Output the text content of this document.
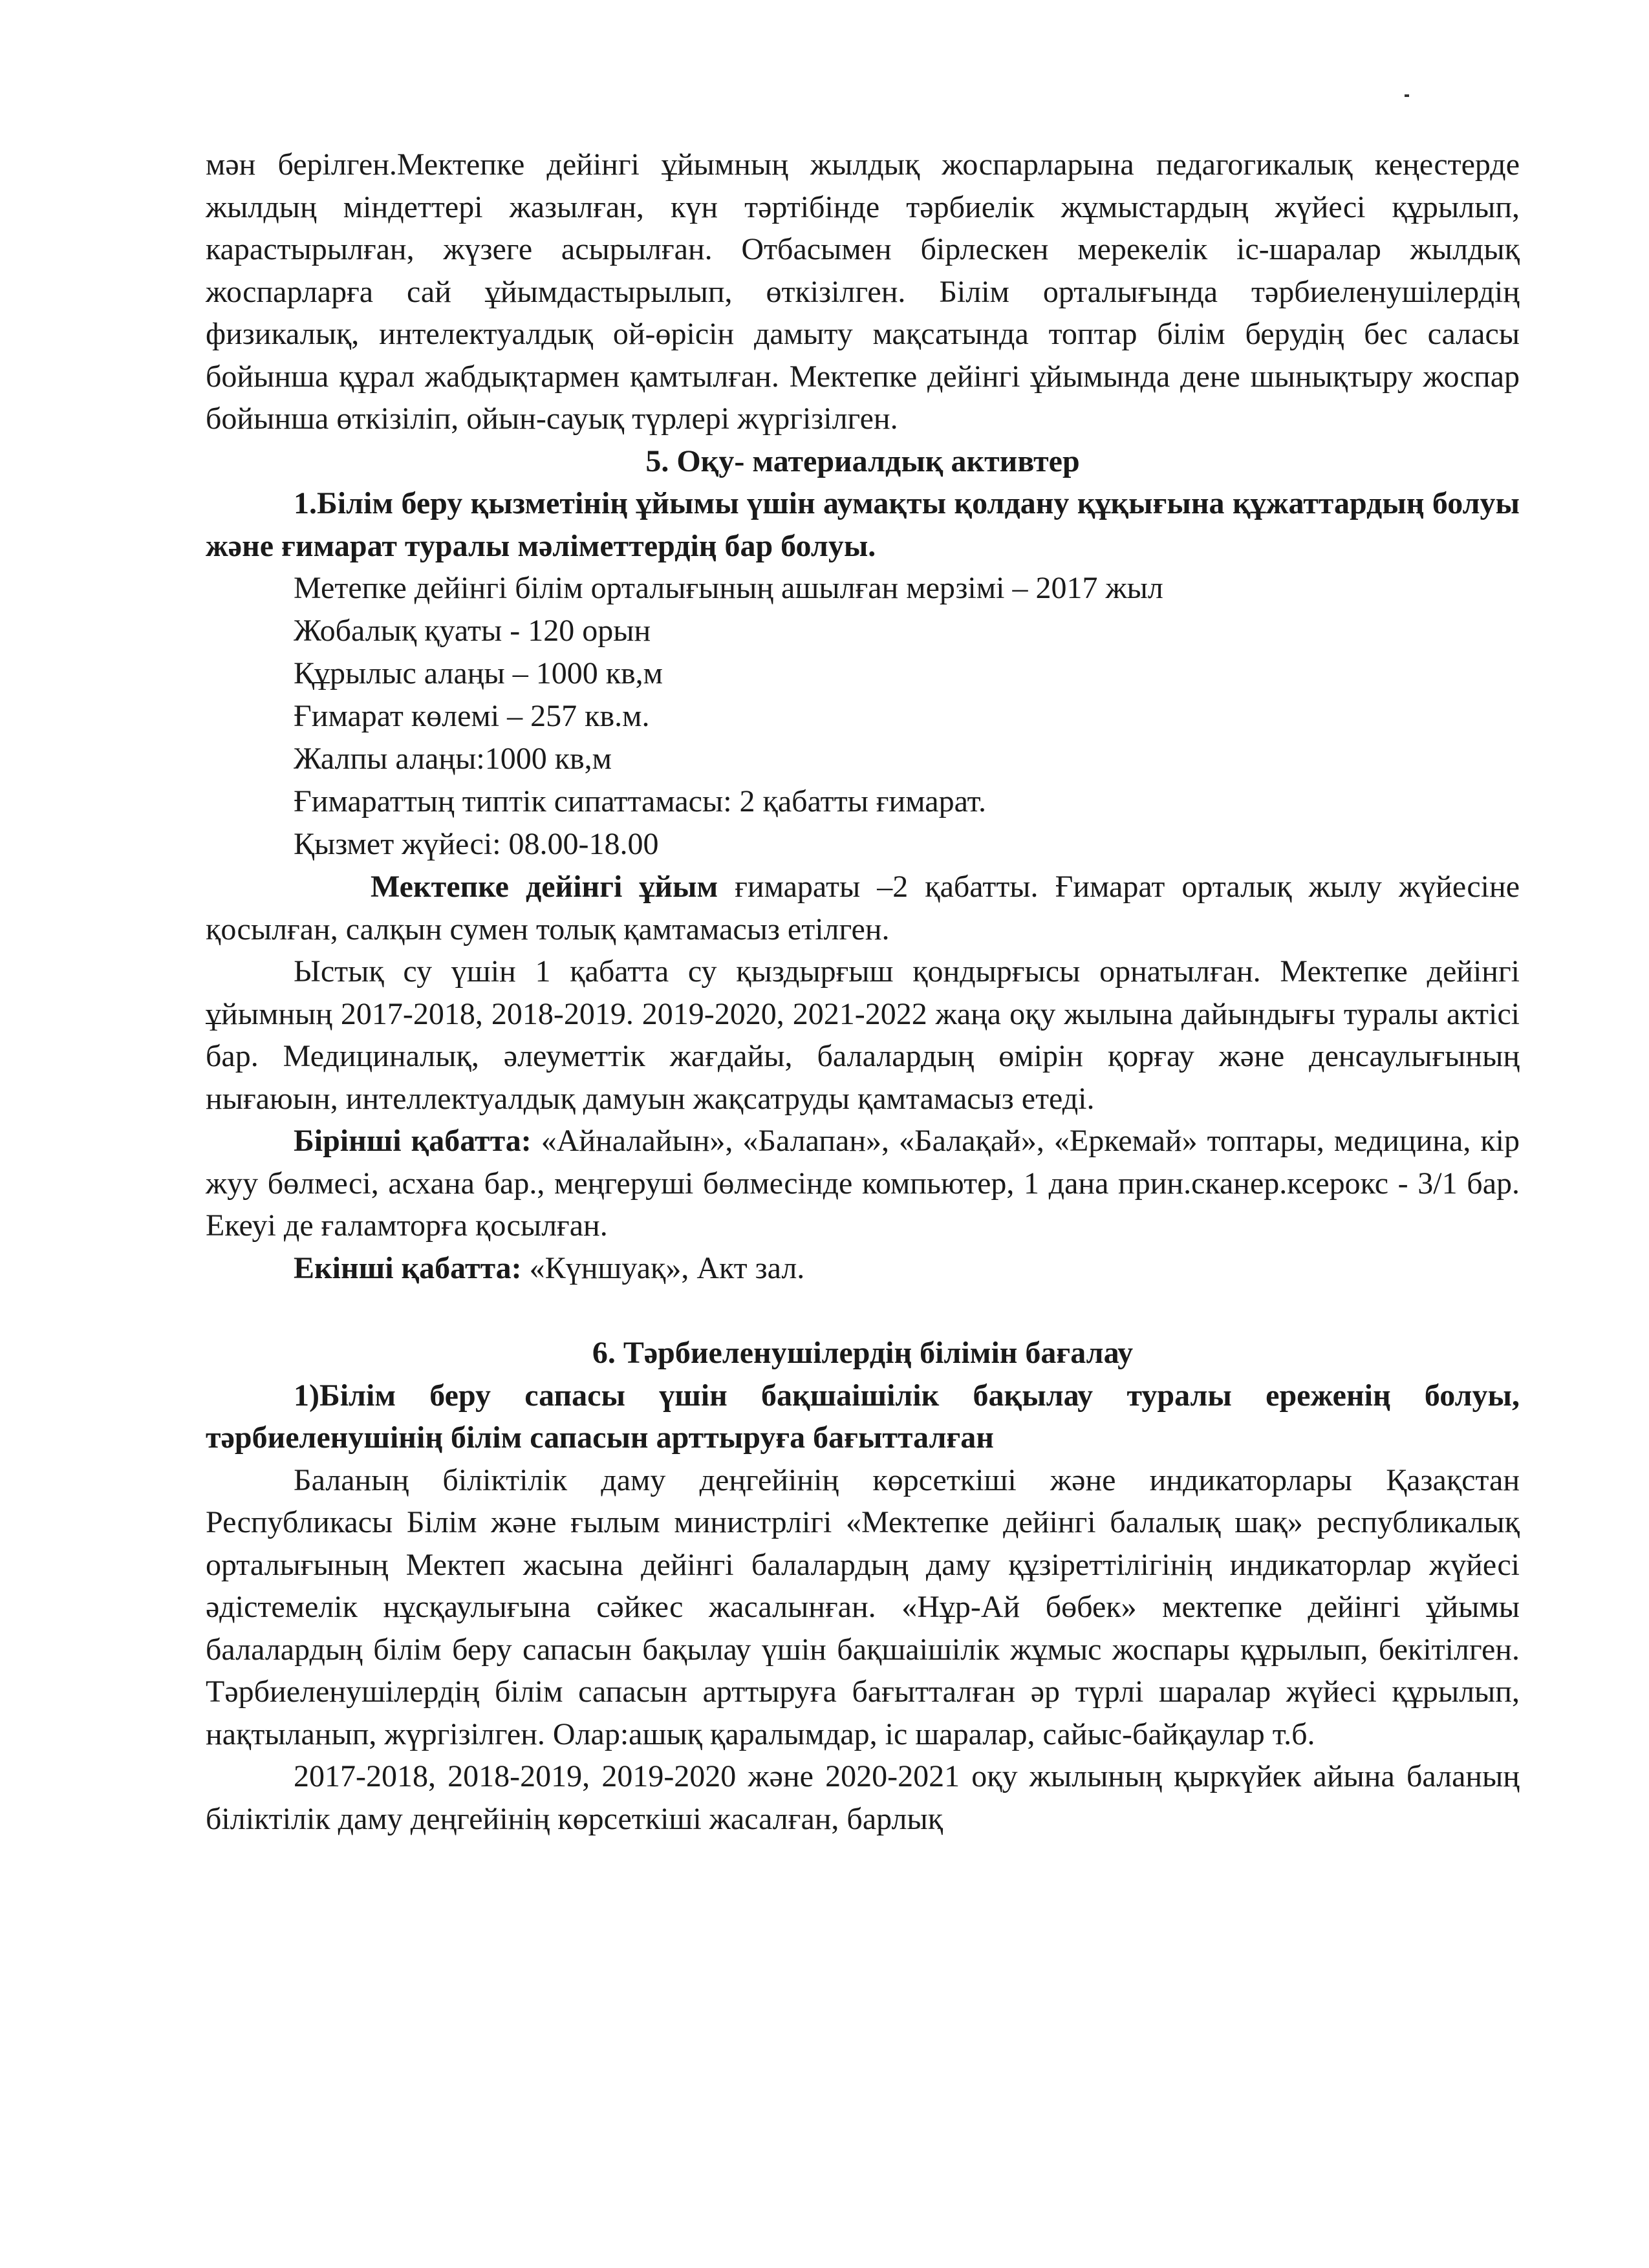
мән берілген.Мектепке дейінгі ұйымның жылдық жоспарларына педагогикалық кеңестерде жылдың міндеттері жазылған, күн тәртібінде тәрбиелік жұмыстардың жүйесі құрылып, карастырылған, жүзеге асырылған. Отбасымен бірлескен мерекелік іс-шаралар жылдық жоспарларға сай ұйымдастырылып, өткізілген. Білім орталығында тәрбиеленушілердің физикалық, интелектуалдық ой-өрісін дамыту мақсатында топтар білім берудің бес саласы бойынша құрал жабдықтармен қамтылған. Мектепке дейінгі ұйымында дене шынықтыру жоспар бойынша өткізіліп, ойын-сауық түрлері жүргізілген.

5. Оқу- материалдық активтер

1.Білім беру қызметінің ұйымы үшін аумақты қолдану құқығына құжаттардың болуы және ғимарат туралы мәліметтердің бар болуы.

Метепке дейінгі білім орталығының ашылған мерзімі – 2017 жыл

Жобалық қуаты - 120 орын

Құрылыс алаңы – 1000 кв,м

Ғимарат көлемі – 257 кв.м.

Жалпы алаңы:1000 кв,м

Ғимараттың типтік сипаттамасы: 2 қабатты ғимарат.

Қызмет жүйесі: 08.00-18.00

Мектепке дейінгі ұйым ғимараты –2 қабатты. Ғимарат орталық жылу жүйесіне қосылған, салқын сумен толық қамтамасыз етілген.

Ыстық су үшін 1 қабатта су қыздырғыш қондырғысы орнатылған. Мектепке дейінгі ұйымның 2017-2018, 2018-2019. 2019-2020, 2021-2022 жаңа оқу жылына дайындығы туралы актісі бар. Медициналық, әлеуметтік жағдайы, балалардың өмірін қорғау және денсаулығының нығаюын, интеллектуалдық дамуын жақсатруды қамтамасыз етеді.

Бірінші қабатта: «Айналайын», «Балапан», «Балақай», «Еркемай» топтары, медицина, кір жуу бөлмесі, асхана бар., меңгеруші бөлмесінде компьютер, 1 дана прин.сканер.ксерокс - 3/1 бар. Екеуі де ғаламторға қосылған.

Екінші қабатта: «Күншуақ», Акт зал.

6. Тәрбиеленушілердің білімін бағалау

1)Білім беру сапасы үшін бақшаішілік бақылау туралы ереженің болуы, тәрбиеленушінің білім сапасын арттыруға бағытталған

Баланың біліктілік даму деңгейінің көрсеткіші және индикаторлары Қазақстан Республикасы Білім және ғылым министрлігі «Мектепке дейінгі балалық шақ» республикалық орталығының Мектеп жасына дейінгі балалардың даму құзіреттілігінің индикаторлар жүйесі әдістемелік нұсқаулығына сәйкес жасалынған. «Нұр-Ай бөбек» мектепке дейінгі ұйымы балалардың білім беру сапасын бақылау үшін бақшаішілік жұмыс жоспары құрылып, бекітілген. Тәрбиеленушілердің білім сапасын арттыруға бағытталған әр түрлі шаралар жүйесі құрылып, нақтыланып, жүргізілген. Олар:ашық қаралымдар, іс шаралар, сайыс-байқаулар т.б.

2017-2018, 2018-2019, 2019-2020 және 2020-2021 оқу жылының қыркүйек айына баланың біліктілік даму деңгейінің көрсеткіші жасалған, барлық
